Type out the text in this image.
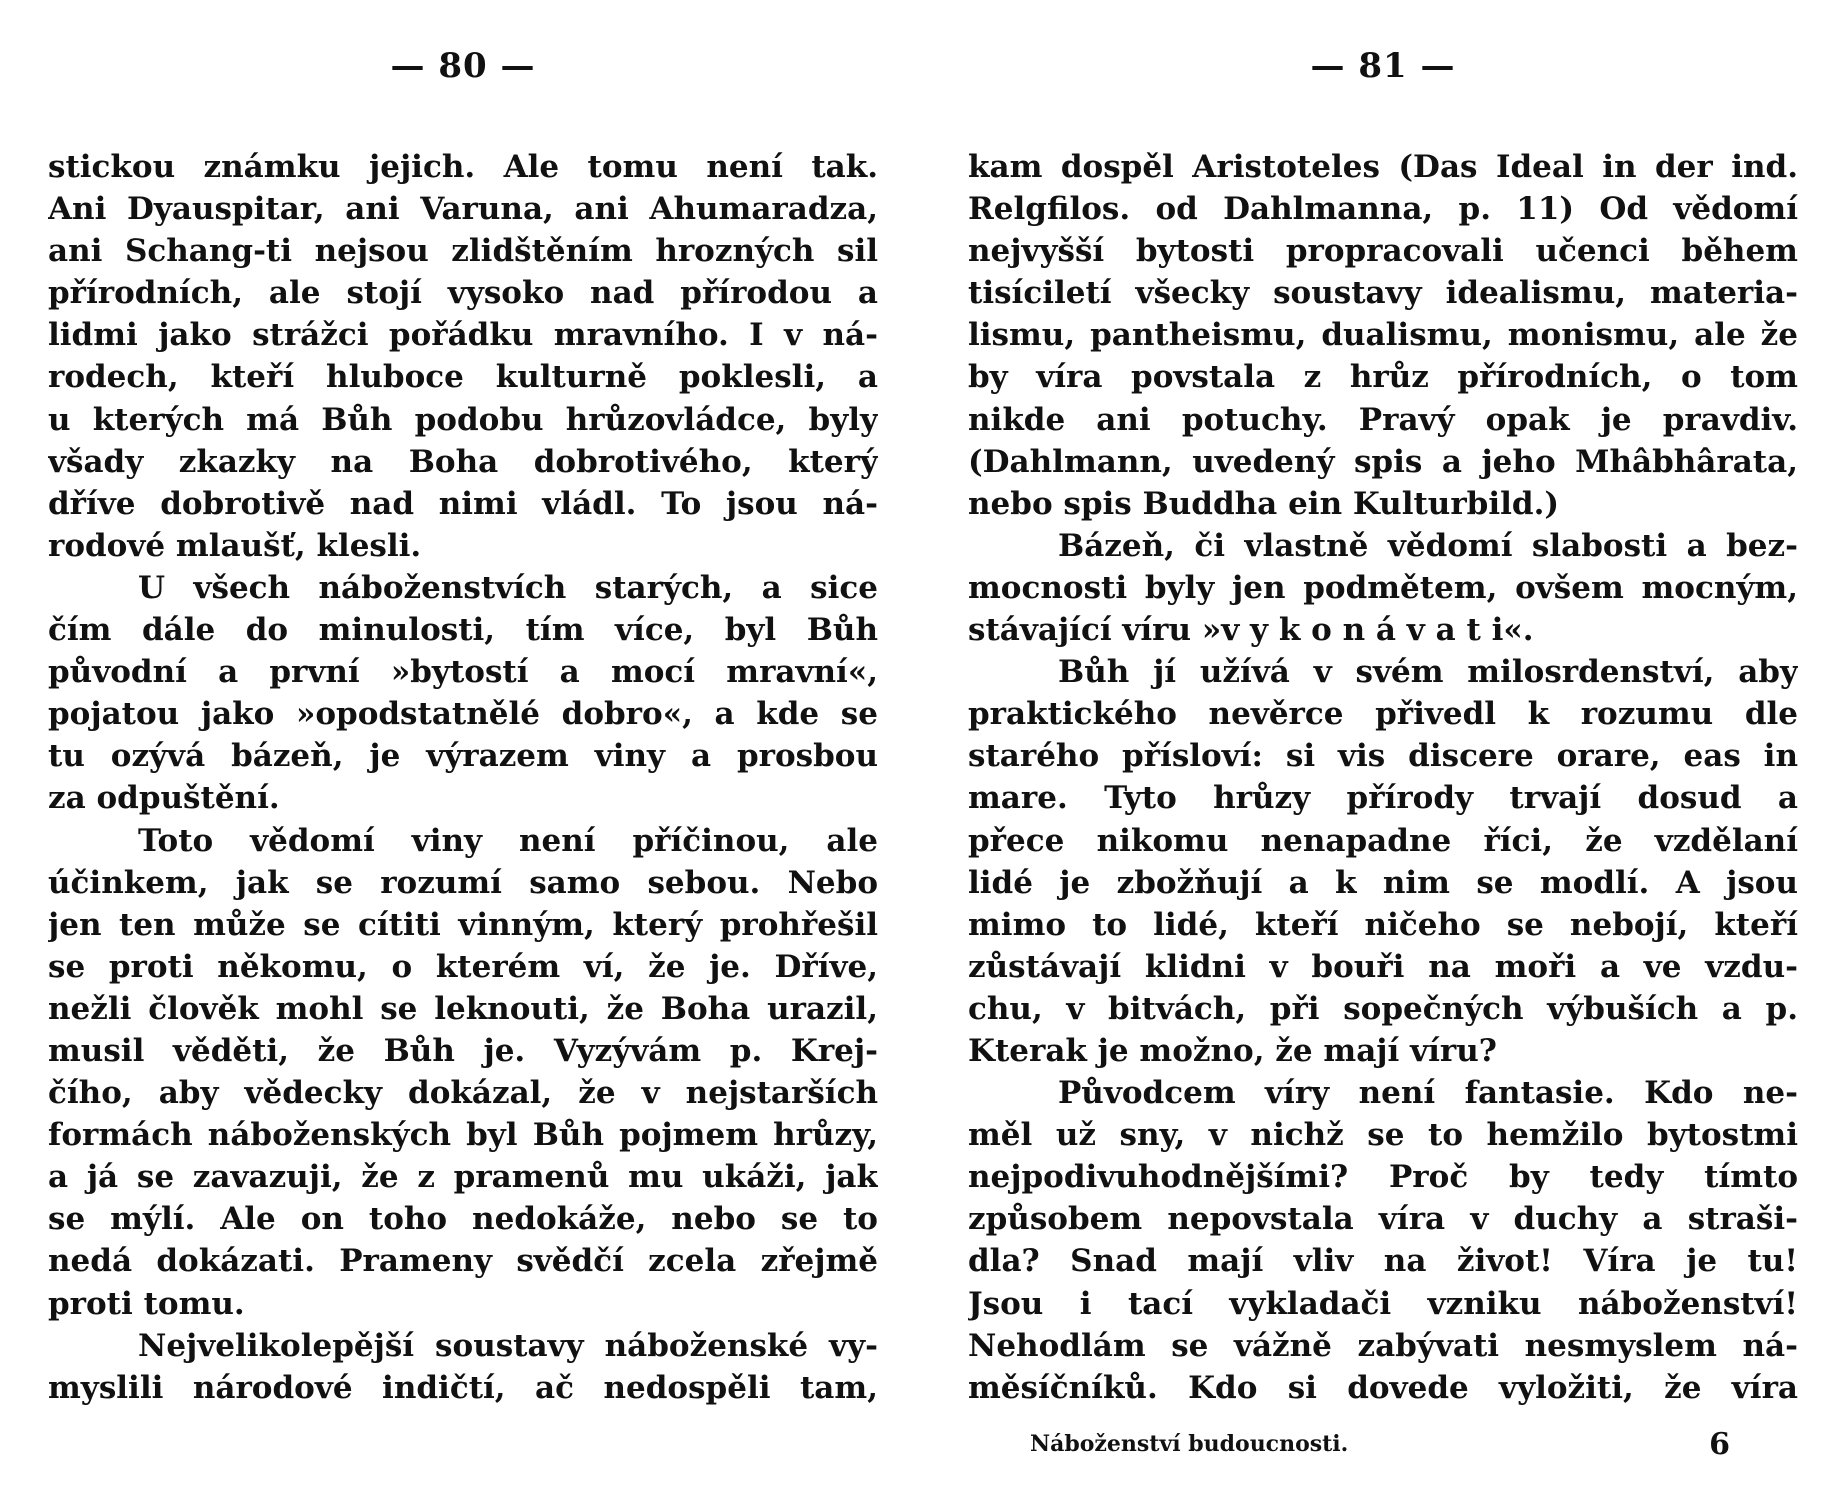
— 80 —
stickou známku jejich. Ale tomu není tak.
Ani Dyauspitar, ani Varuna, ani Ahumaradza,
ani Schang-ti nejsou zlidštěním hrozných sil
přírodních, ale stojí vysoko nad přírodou a
lidmi jako strážci pořádku mravního. I v ná-
rodech, kteří hluboce kulturně poklesli, a
u kterých má Bůh podobu hrůzovládce, byly
všady zkazky na Boha dobrotivého, který
dříve dobrotivě nad nimi vládl. To jsou ná-
rodové mlaušť, klesli.
U všech náboženstvích starých, a sice
čím dále do minulosti, tím více, byl Bůh
původní a první »bytostí a mocí mravní«,
pojatou jako »opodstatnělé dobro«, a kde se
tu ozývá bázeň, je výrazem viny a prosbou
za odpuštění.
Toto vědomí viny není příčinou, ale
účinkem, jak se rozumí samo sebou. Nebo
jen ten může se cítiti vinným, který prohřešil
se proti někomu, o kterém ví, že je. Dříve,
nežli člověk mohl se leknouti, že Boha urazil,
musil věděti, že Bůh je. Vyzývám p. Krej-
čího, aby vědecky dokázal, že v nejstarších
formách náboženských byl Bůh pojmem hrůzy,
a já se zavazuji, že z pramenů mu ukáži, jak
se mýlí. Ale on toho nedokáže, nebo se to
nedá dokázati. Prameny svědčí zcela zřejmě
proti tomu.
Nejvelikolepější soustavy náboženské vy-
myslili národové indičtí, ač nedospěli tam,
— 81 —
kam dospěl Aristoteles (Das Ideal in der ind.
Relgfilos. od Dahlmanna, p. 11) Od vědomí
nejvyšší bytosti propracovali učenci během
tisíciletí všecky soustavy idealismu, materia-
lismu, pantheismu, dualismu, monismu, ale že
by víra povstala z hrůz přírodních, o tom
nikde ani potuchy. Pravý opak je pravdiv.
(Dahlmann, uvedený spis a jeho Mhâbhârata,
nebo spis Buddha ein Kulturbild.)
Bázeň, či vlastně vědomí slabosti a bez-
mocnosti byly jen podmětem, ovšem mocným,
stávající víru »v y k o n á v a t i«.
Bůh jí užívá v svém milosrdenství, aby
praktického nevěrce přivedl k rozumu dle
starého přísloví: si vis discere orare, eas in
mare. Tyto hrůzy přírody trvají dosud a
přece nikomu nenapadne říci, že vzdělaní
lidé je zbožňují a k nim se modlí. A jsou
mimo to lidé, kteří ničeho se nebojí, kteří
zůstávají klidni v bouři na moři a ve vzdu-
chu, v bitvách, při sopečných výbuších a p.
Kterak je možno, že mají víru?
Původcem víry není fantasie. Kdo ne-
měl už sny, v nichž se to hemžilo bytostmi
nejpodivuhodnějšími? Proč by tedy tímto
způsobem nepovstala víra v duchy a straši-
dla? Snad mají vliv na život! Víra je tu!
Jsou i tací vykladači vzniku náboženství!
Nehodlám se vážně zabývati nesmyslem ná-
měsíčníků. Kdo si dovede vyložiti, že víra
Náboženství budoucnosti.	6
